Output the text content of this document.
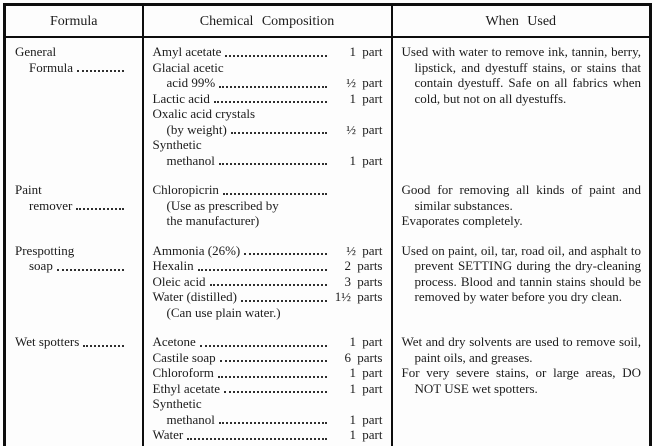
Formula	Chemical Composition	When Used

General
Formula

Amyl acetate	1 part
Glacial acetic
acid 99%	½ part
Lactic acid	1 part
Oxalic acid crystals
(by weight)	½ part
Synthetic
methanol	1 part

Used with water to remove ink, tannin, berry, lipstick, and dyestuff stains, or stains that contain dyestuff. Safe on all fabrics when cold, but not on all dyestuffs.

Paint
remover

Chloropicrin
(Use as prescribed by
the manufacturer)

Good for removing all kinds of paint and similar substances.
Evaporates completely.

Prespotting
soap

Ammonia (26%)	½ part
Hexalin	2 parts
Oleic acid	3 parts
Water (distilled)	1½ parts
(Can use plain water.)

Used on paint, oil, tar, road oil, and asphalt to prevent SETTING during the dry-cleaning process. Blood and tannin stains should be removed by water before you dry clean.

Wet spotters	Acetone	1 part
Castile soap	6 parts
Chloroform	1 part
Ethyl acetate	1 part
Synthetic
methanol	1 part
Water	1 part

Wet and dry solvents are used to remove soil, paint oils, and greases.
For very severe stains, or large areas, DO NOT USE wet spotters.
